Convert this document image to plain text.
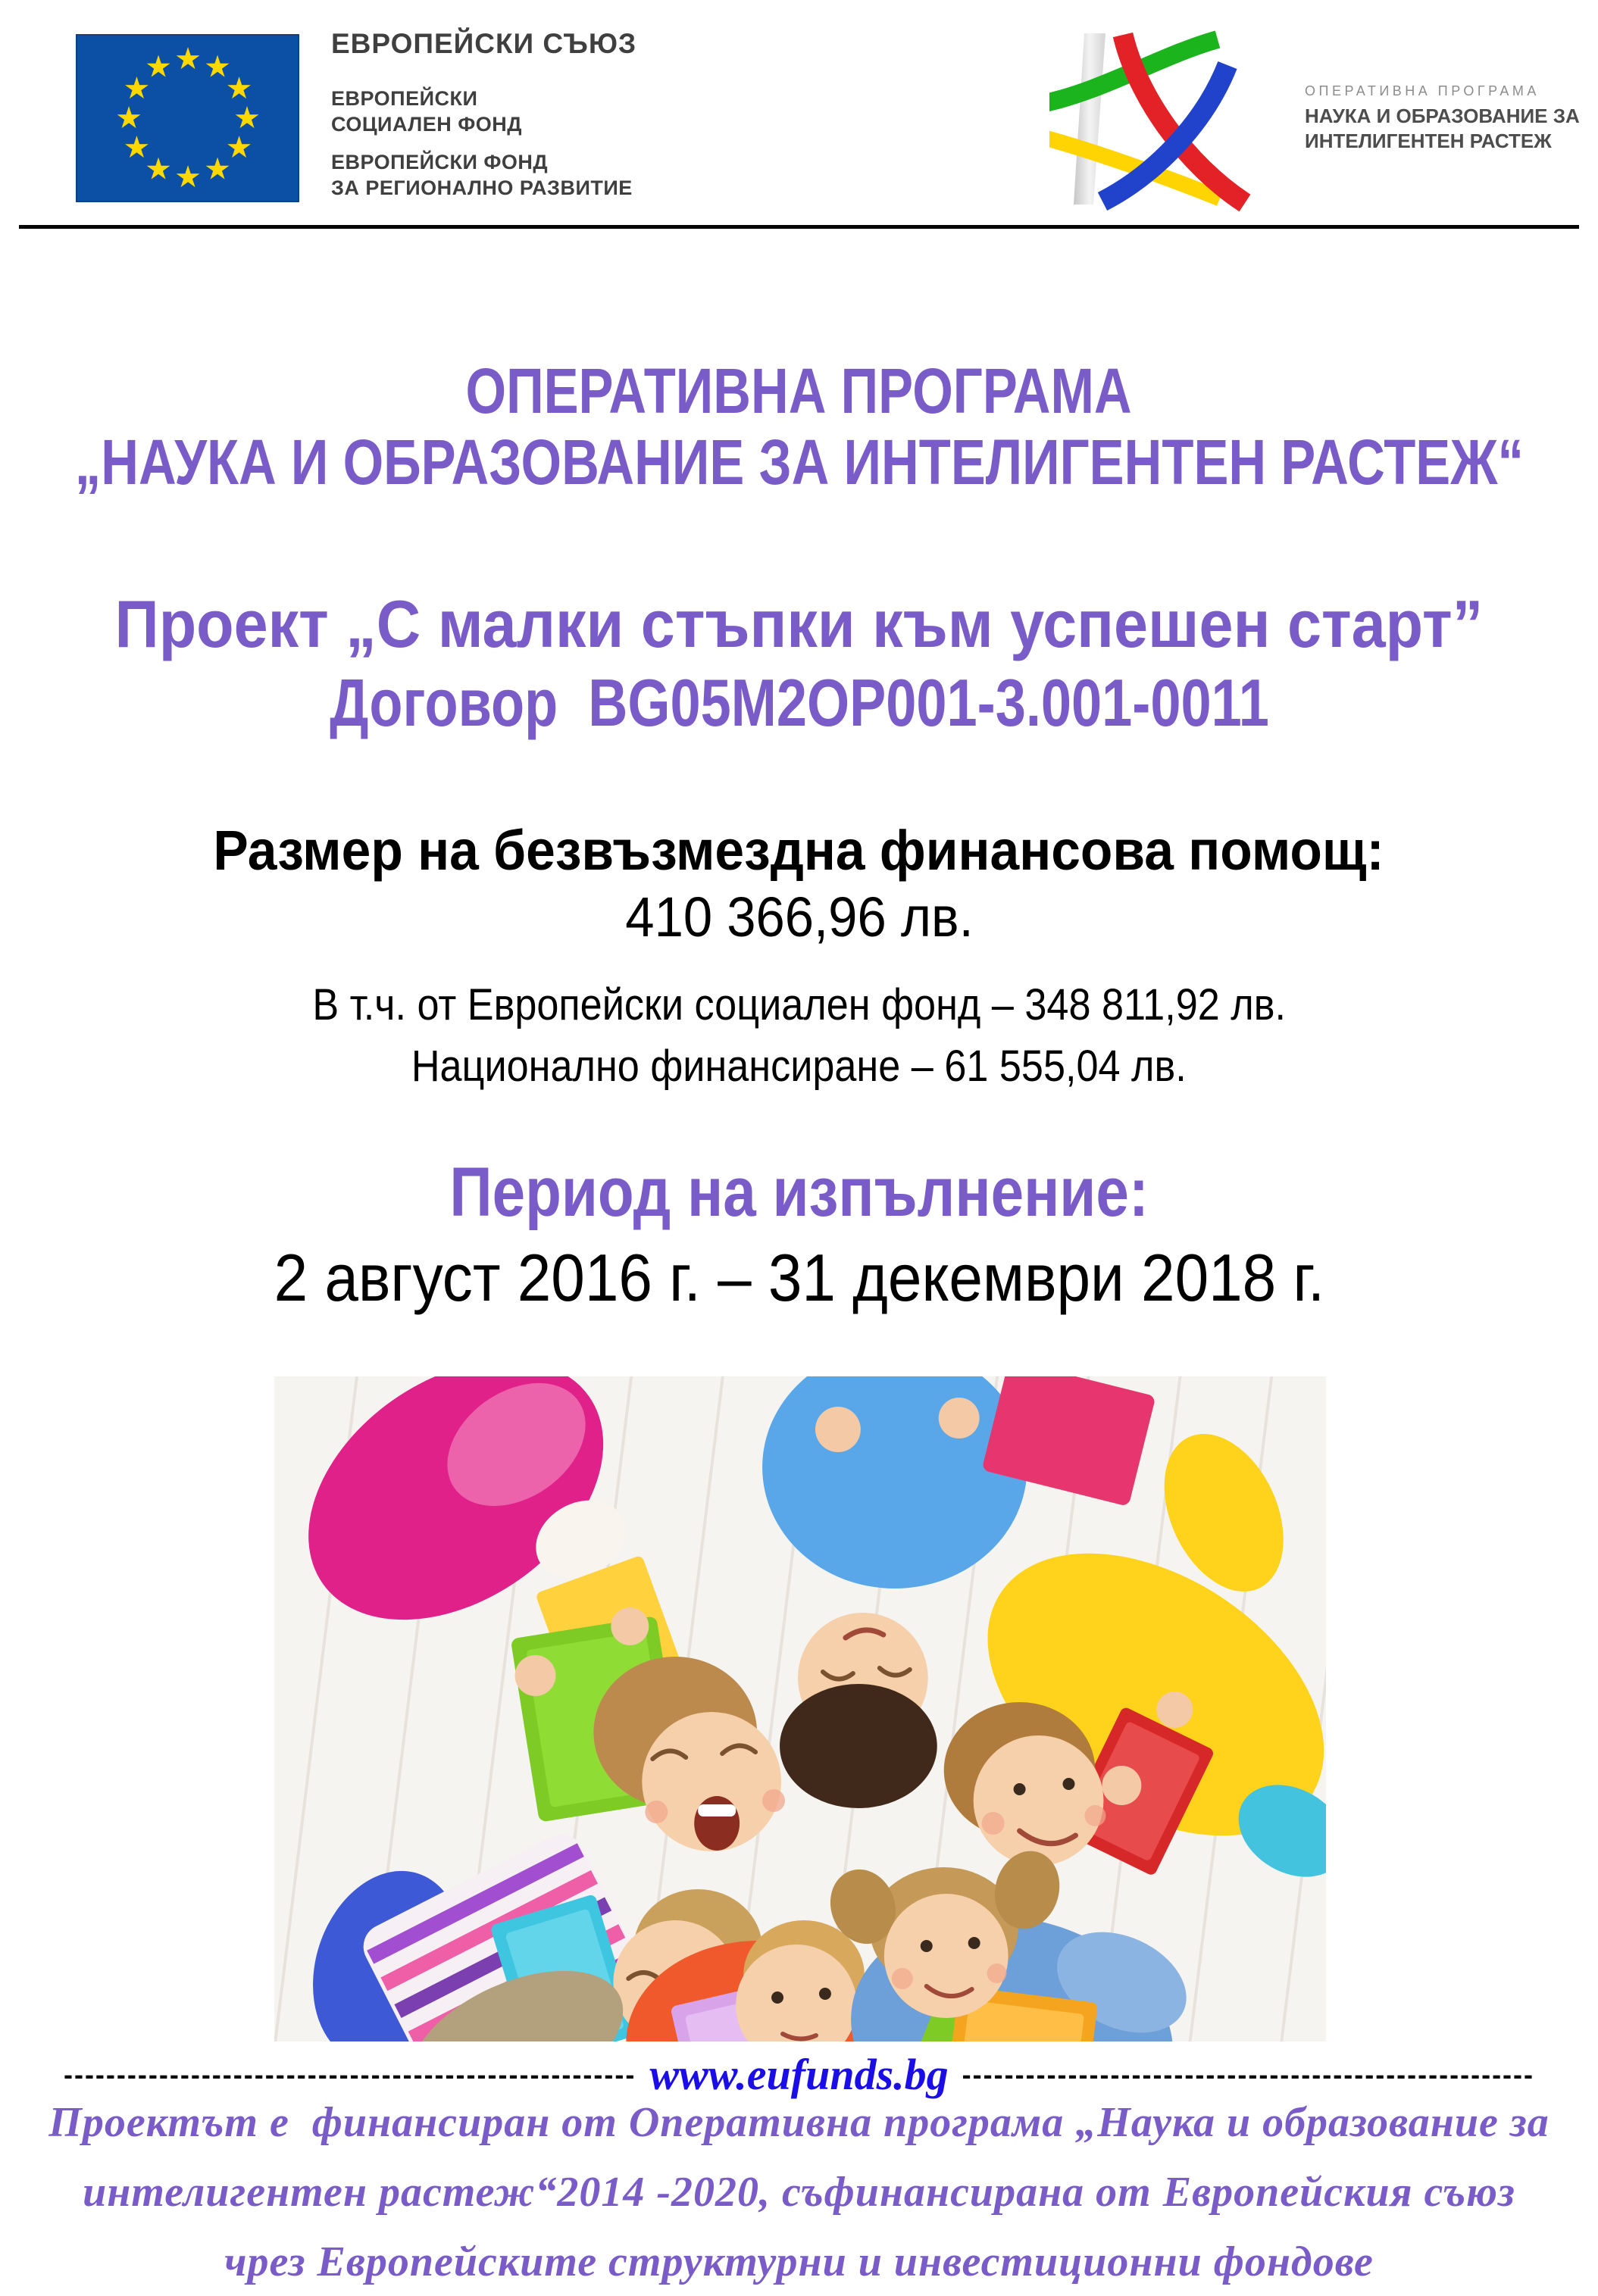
ЕВРОПЕЙСКИ СЪЮЗ
ЕВРОПЕЙСКИ
СОЦИАЛЕН ФОНД
ЕВРОПЕЙСКИ ФОНД
ЗА РЕГИОНАЛНО РАЗВИТИЕ
ОПЕРАТИВНА ПРОГРАМА
НАУКА И ОБРАЗОВАНИЕ ЗА
ИНТЕЛИГЕНТЕН РАСТЕЖ
ОПЕРАТИВНА ПРОГРАМА
„НАУКА И ОБРАЗОВАНИЕ ЗА ИНТЕЛИГЕНТЕН РАСТЕЖ“
Проект „С малки стъпки към успешен старт”
Договор  BG05M2OP001-3.001-0011
Размер на безвъзмездна финансова помощ:
410 366,96 лв.
В т.ч. от Европейски социален фонд – 348 811,92 лв.
Национално финансиране – 61 555,04 лв.
Период на изпълнение:
2 август 2016 г. – 31 декември 2018 г.
------------------------------------------------------ www.eufunds.bg ------------------------------------------------------
Проектът е  финансиран от Оперативна програма „Наука и образование за
интелигентен растеж“2014 -2020, съфинансирана от Европейския съюз
чрез Европейските структурни и инвестиционни фондове
